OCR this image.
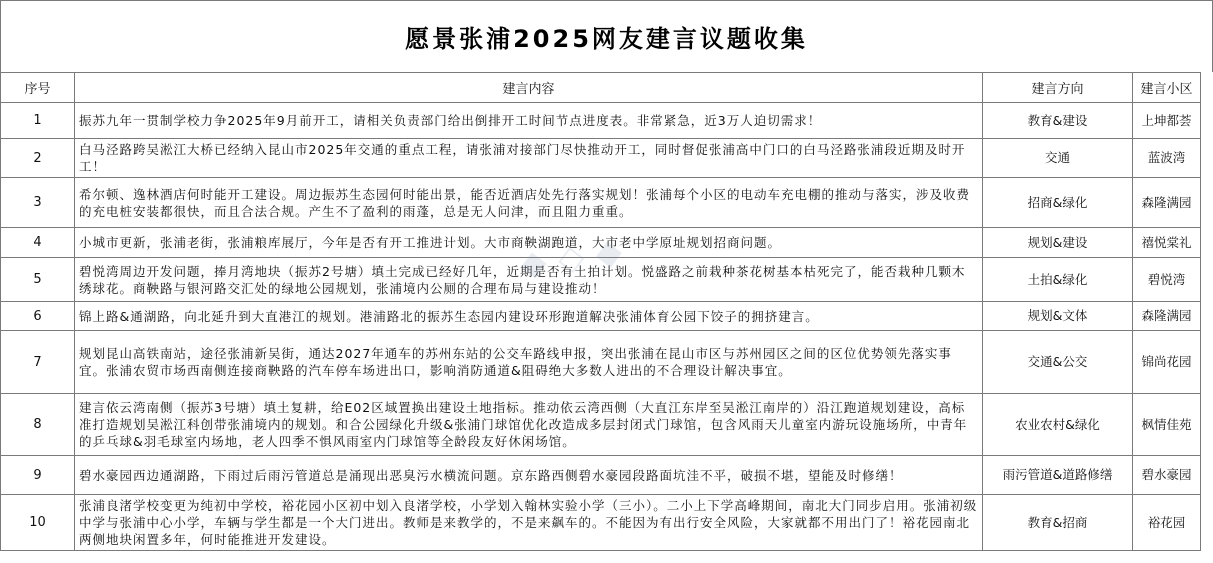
愿景张浦2025网友建言议题收集
序号	建言内容	建言方向	建言小区
1	振苏九年一贯制学校力争2025年9月前开工，请相关负责部门给出倒排开工时间节点进度表。非常紧急，近3万人迫切需求！	教育&建设	上坤都荟
2	白马泾路跨吴淞江大桥已经纳入昆山市2025年交通的重点工程，请张浦对接部门尽快推动开工，同时督促张浦高中门口的白马泾路张浦段近期及时开工！	交通	蓝波湾
3	希尔顿、逸林酒店何时能开工建设。周边振苏生态园何时能出景，能否近酒店处先行落实规划！张浦每个小区的电动车充电棚的推动与落实，涉及收费的充电桩安装都很快，而且合法合规。产生不了盈利的雨蓬，总是无人问津，而且阻力重重。	招商&绿化	森隆满园
4	小城市更新，张浦老街，张浦粮库展厅，今年是否有开工推进计划。大市商鞅湖跑道，大市老中学原址规划招商问题。	规划&建设	禧悦棠礼
5	碧悦湾周边开发问题，捧月湾地块（振苏2号塘）填土完成已经好几年，近期是否有土拍计划。悦盛路之前栽种茶花树基本枯死完了，能否栽种几颗木绣球花。商鞅路与银河路交汇处的绿地公园规划，张浦境内公厕的合理布局与建设推动！	土拍&绿化	碧悦湾
6	锦上路&通湖路，向北延升到大直港江的规划。港浦路北的振苏生态园内建设环形跑道解决张浦体育公园下饺子的拥挤建言。	规划&文体	森隆满园
7	规划昆山高铁南站，途径张浦新吴街，通达2027年通车的苏州东站的公交车路线申报，突出张浦在昆山市区与苏州园区之间的区位优势领先落实事宜。张浦农贸市场西南侧连接商鞅路的汽车停车场进出口，影响消防通道&阻碍绝大多数人进出的不合理设计解决事宜。	交通&公交	锦尚花园
8	建言依云湾南侧（振苏3号塘）填土复耕，给E02区域置换出建设土地指标。推动依云湾西侧（大直江东岸至吴淞江南岸的）沿江跑道规划建设，高标准打造规划吴淞江科创带张浦境内的规划。和合公园绿化升级&张浦门球馆优化改造成多层封闭式门球馆，包含风雨天儿童室内游玩设施场所，中青年的乒乓球&羽毛球室内场地，老人四季不惧风雨室内门球馆等全龄段友好休闲场馆。	农业农村&绿化	枫情佳苑
9	碧水豪园西边通湖路，下雨过后雨污管道总是涌现出恶臭污水横流问题。京东路西侧碧水豪园段路面坑洼不平，破损不堪，望能及时修缮！	雨污管道&道路修缮	碧水豪园
10	张浦良渚学校变更为纯初中学校，裕花园小区初中划入良渚学校，小学划入翰林实验小学（三小）。二小上下学高峰期间，南北大门同步启用。张浦初级中学与张浦中心小学，车辆与学生都是一个大门进出。教师是来教学的，不是来飙车的。不能因为有出行安全风险，大家就都不用出门了！裕花园南北两侧地块闲置多年，何时能推进开发建设。	教育&招商	裕花园
◆ ◇ ◆
